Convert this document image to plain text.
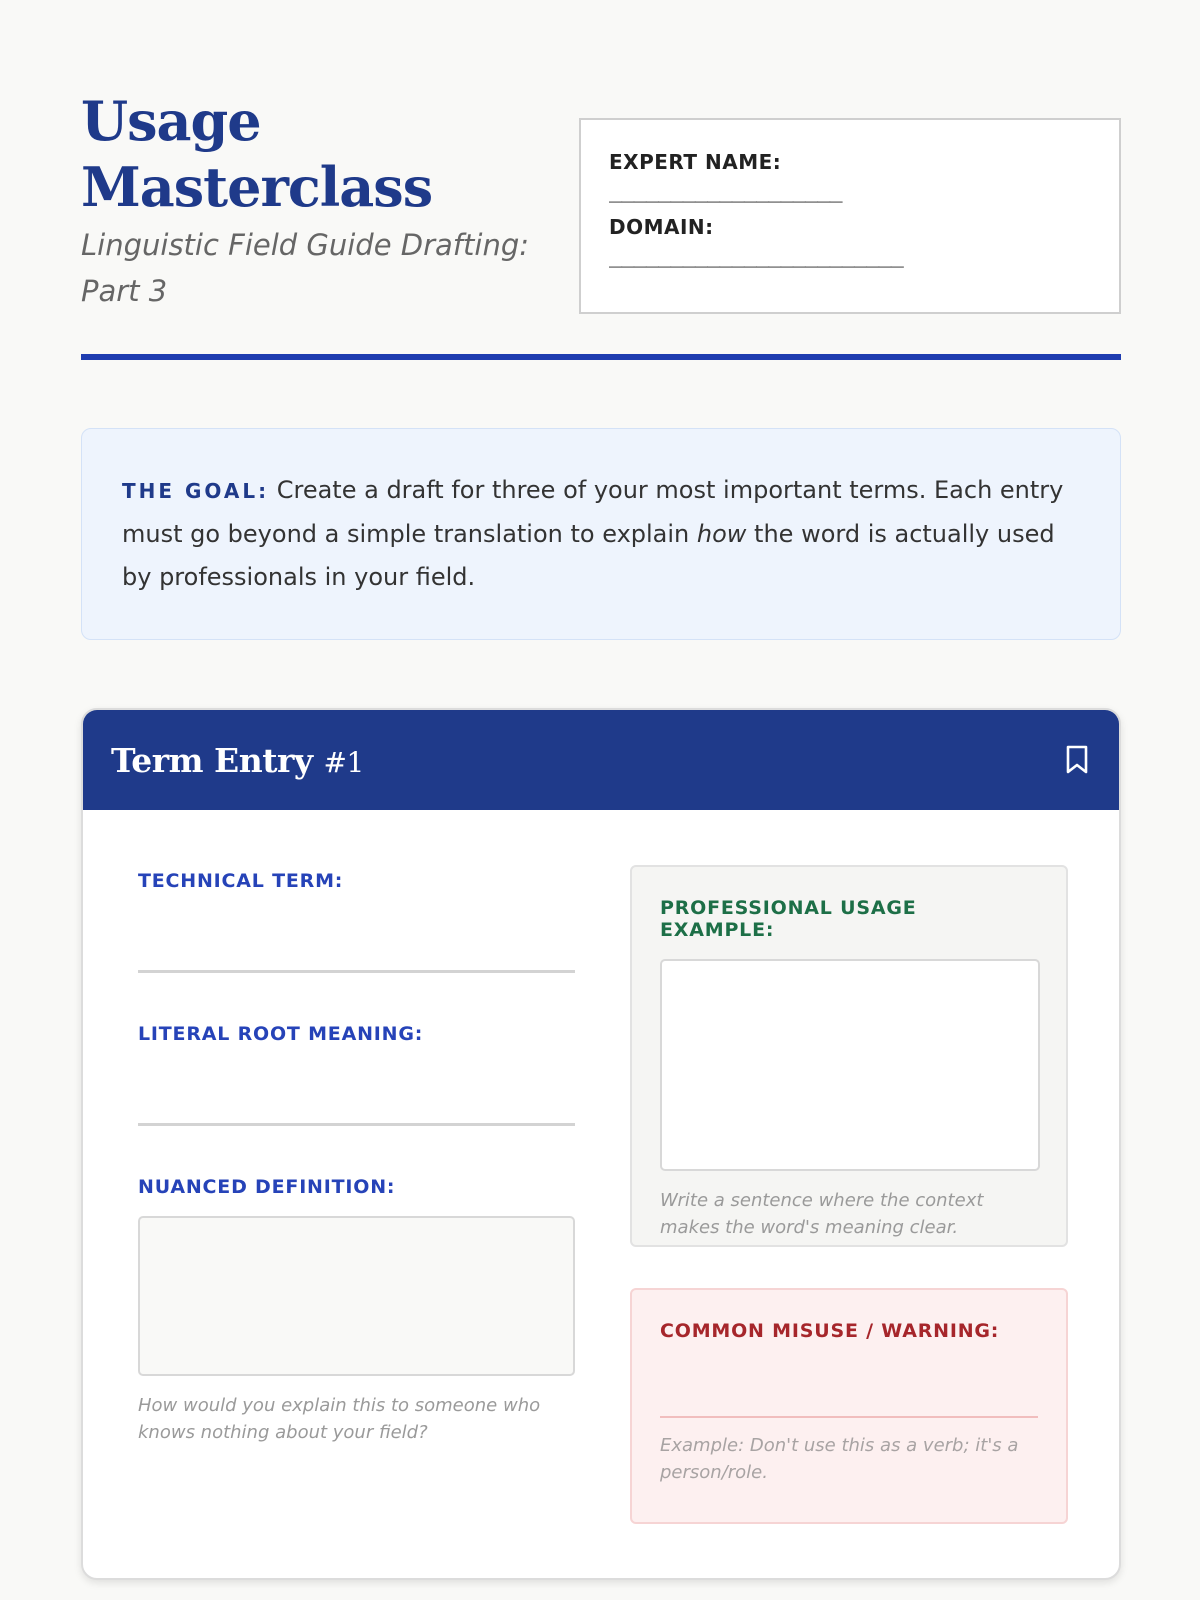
Usage
Masterclass
Linguistic Field Guide Drafting: Part 3
EXPERT NAME:
___________________
DOMAIN:
________________________
THE GOAL: Create a draft for three of your most important terms. Each entry must go beyond a simple translation to explain how the word is actually used by professionals in your field.
Term Entry #1
TECHNICAL TERM:
LITERAL ROOT MEANING:
NUANCED DEFINITION:
How would you explain this to someone who knows nothing about your field?
PROFESSIONAL USAGE EXAMPLE:
Write a sentence where the context makes the word's meaning clear.
COMMON MISUSE / WARNING:
Example: Don't use this as a verb; it's a person/role.
